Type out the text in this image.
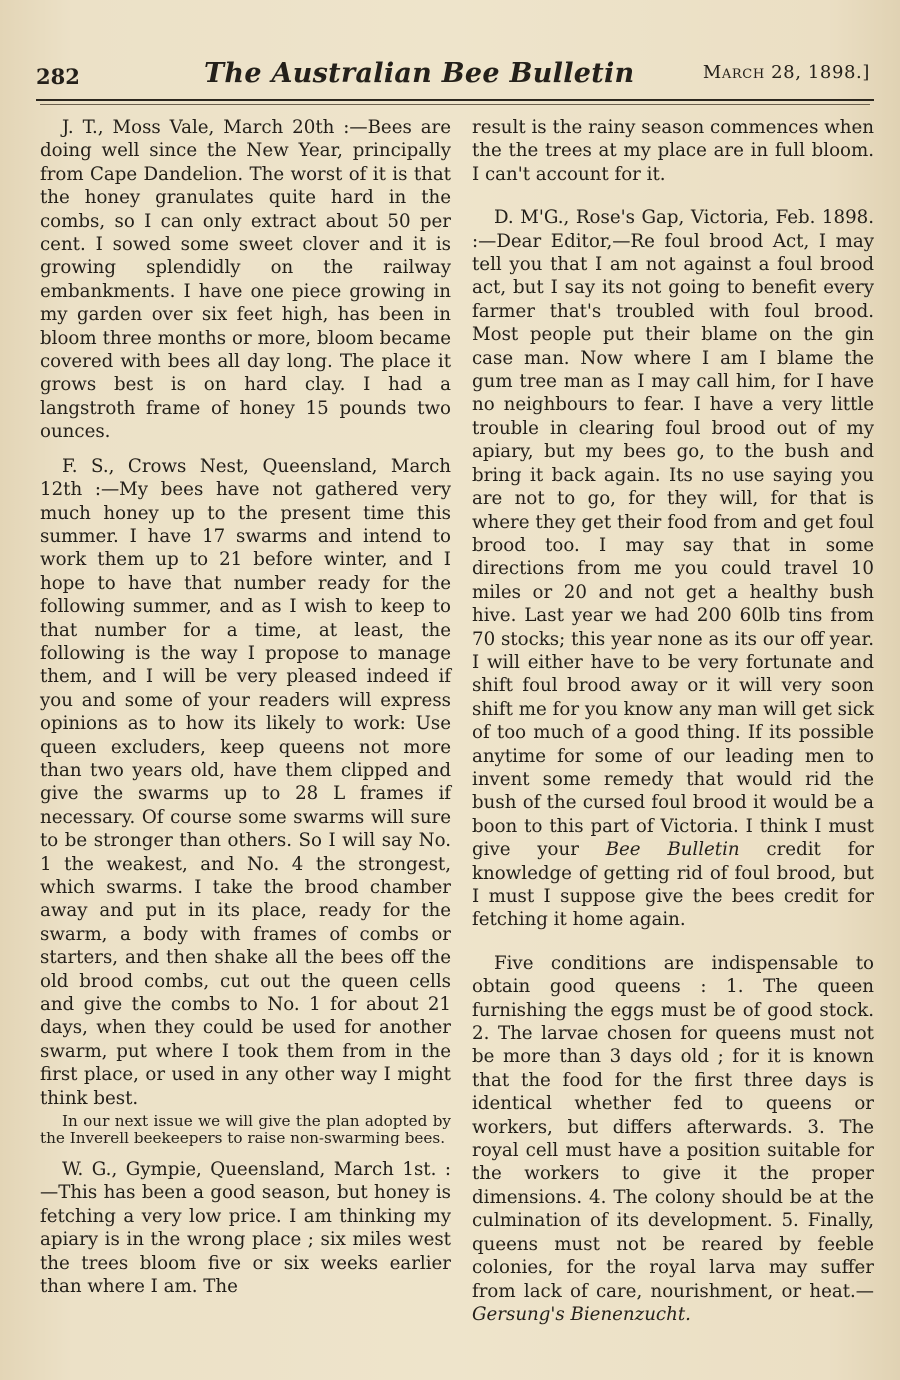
282	The Australian Bee Bulletin	March 28, 1898.]

J. T., Moss Vale, March 20th :—Bees are doing well since the New Year, principally from Cape Dandelion. The worst of it is that the honey granulates quite hard in the combs, so I can only extract about 50 per cent. I sowed some sweet clover and it is growing splendidly on the railway embankments. I have one piece growing in my garden over six feet high, has been in bloom three months or more, bloom became covered with bees all day long. The place it grows best is on hard clay. I had a langstroth frame of honey 15 pounds two ounces.

F. S., Crows Nest, Queensland, March 12th :—My bees have not gathered very much honey up to the present time this summer. I have 17 swarms and intend to work them up to 21 before winter, and I hope to have that number ready for the following summer, and as I wish to keep to that number for a time, at least, the following is the way I propose to manage them, and I will be very pleased indeed if you and some of your readers will express opinions as to how its likely to work: Use queen excluders, keep queens not more than two years old, have them clipped and give the swarms up to 28 L frames if necessary. Of course some swarms will sure to be stronger than others. So I will say No. 1 the weakest, and No. 4 the strongest, which swarms. I take the brood chamber away and put in its place, ready for the swarm, a body with frames of combs or starters, and then shake all the bees off the old brood combs, cut out the queen cells and give the combs to No. 1 for about 21 days, when they could be used for another swarm, put where I took them from in the first place, or used in any other way I might think best.

In our next issue we will give the plan adopted by the Inverell beekeepers to raise non-swarming bees.

W. G., Gympie, Queensland, March 1st. :—This has been a good season, but honey is fetching a very low price. I am thinking my apiary is in the wrong place ; six miles west the trees bloom five or six weeks earlier than where I am. The

result is the rainy season commences when the the trees at my place are in full bloom. I can't account for it.

D. M'G., Rose's Gap, Victoria, Feb. 1898. :—Dear Editor,—Re foul brood Act, I may tell you that I am not against a foul brood act, but I say its not going to benefit every farmer that's troubled with foul brood. Most people put their blame on the gin case man. Now where I am I blame the gum tree man as I may call him, for I have no neighbours to fear. I have a very little trouble in clearing foul brood out of my apiary, but my bees go, to the bush and bring it back again. Its no use saying you are not to go, for they will, for that is where they get their food from and get foul brood too. I may say that in some directions from me you could travel 10 miles or 20 and not get a healthy bush hive. Last year we had 200 60lb tins from 70 stocks; this year none as its our off year. I will either have to be very fortunate and shift foul brood away or it will very soon shift me for you know any man will get sick of too much of a good thing. If its possible anytime for some of our leading men to invent some remedy that would rid the bush of the cursed foul brood it would be a boon to this part of Victoria. I think I must give your Bee Bulletin credit for knowledge of getting rid of foul brood, but I must I suppose give the bees credit for fetching it home again.

Five conditions are indispensable to obtain good queens : 1. The queen furnishing the eggs must be of good stock. 2. The larvae chosen for queens must not be more than 3 days old ; for it is known that the food for the first three days is identical whether fed to queens or workers, but differs afterwards. 3. The royal cell must have a position suitable for the workers to give it the proper dimensions. 4. The colony should be at the culmination of its development. 5. Finally, queens must not be reared by feeble colonies, for the royal larva may suffer from lack of care, nourishment, or heat.—Gersung's Bienenzucht.
